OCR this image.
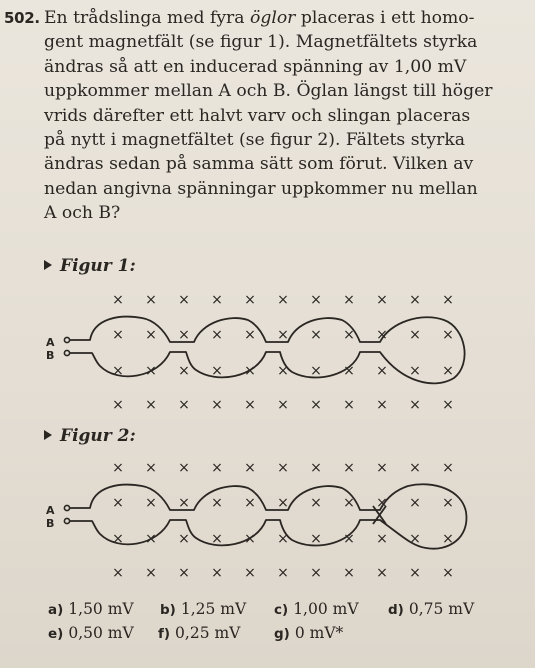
502. En trådslinga med fyra öglor placeras i ett homo-
gent magnetfält (se figur 1). Magnetfältets styrka
ändras så att en inducerad spänning av 1,00 mV
uppkommer mellan A och B. Öglan längst till höger
vrids därefter ett halvt varv och slingan placeras
på nytt i magnetfältet (se figur 2). Fältets styrka
ändras sedan på samma sätt som förut. Vilken av
nedan angivna spänningar uppkommer nu mellan
A och B?
Figur 1:
× × × × × × × × × × ×
× × × × × × × × × × ×
× × × × × × × × × × ×
× × × × × × × × × × ×
A
B
Figur 2:
× × × × × × × × × × ×
× × × × × × × × × × ×
× × × × × × × × × × ×
× × × × × × × × × × ×
A
B
a) 1,50 mV b) 1,25 mV c) 1,00 mV d) 0,75 mV
e) 0,50 mV f) 0,25 mV g) 0 mV*
